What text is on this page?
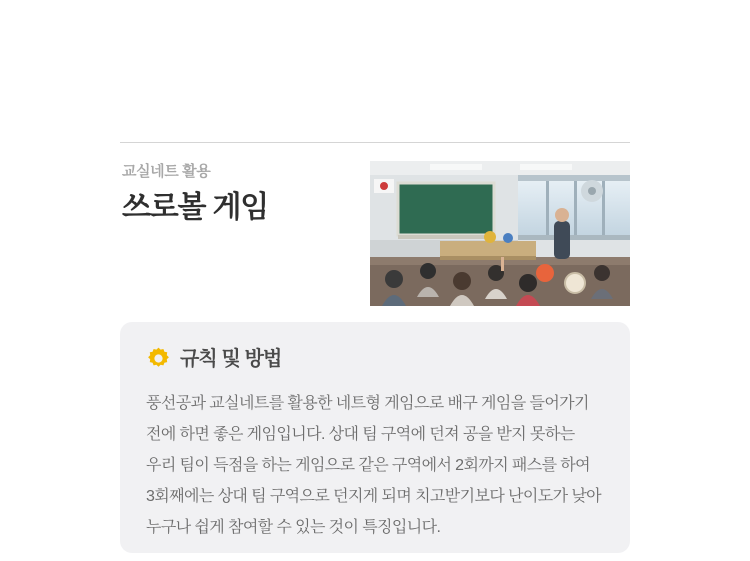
교실네트 활용
쓰로볼 게임
규칙 및 방법
풍선공과 교실네트를 활용한 네트형 게임으로 배구 게임을 들어가기 전에 하면 좋은 게임입니다. 상대 팀 구역에 던져 공을 받지 못하는 우리 팀이 득점을 하는 게임으로 같은 구역에서 2회까지 패스를 하여 3회째에는 상대 팀 구역으로 던지게 되며 치고받기보다 난이도가 낮아 누구나 쉽게 참여할 수 있는 것이 특징입니다.
